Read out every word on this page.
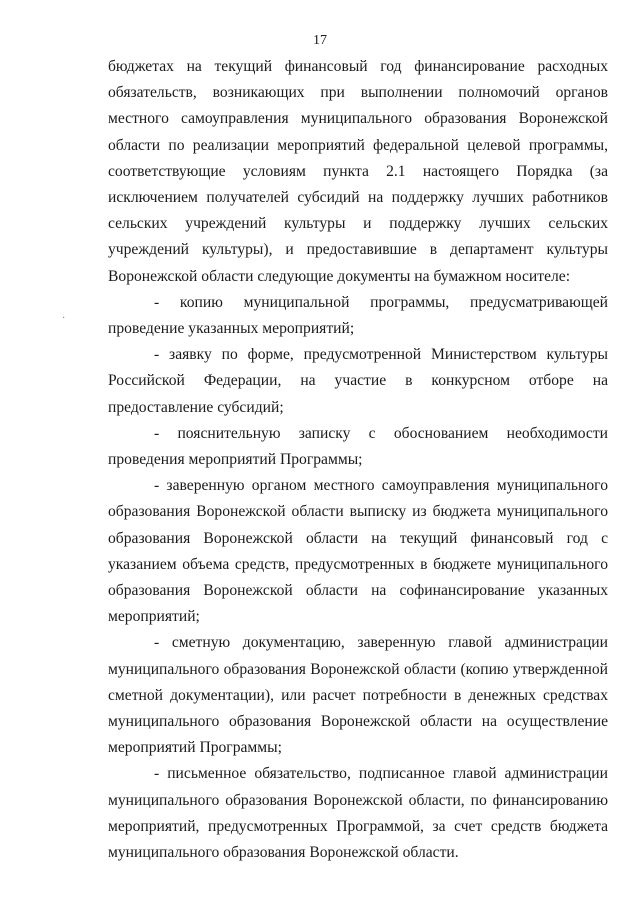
17
·

бюджетах на текущий финансовый год финансирование расходных обязательств, возникающих при выполнении полномочий органов местного самоуправления муниципального образования Воронежской области по реализации мероприятий федеральной целевой программы, соответствующие условиям пункта 2.1 настоящего Порядка (за исключением получателей субсидий на поддержку лучших работников сельских учреждений культуры и поддержку лучших сельских учреждений культуры), и предоставившие в департамент культуры Воронежской области следующие документы на бумажном носителе:

- копию муниципальной программы, предусматривающей проведение указанных мероприятий;

- заявку по форме, предусмотренной Министерством культуры Российской Федерации, на участие в конкурсном отборе на предоставление субсидий;

- пояснительную записку с обоснованием необходимости проведения мероприятий Программы;

- заверенную органом местного самоуправления муниципального образования Воронежской области выписку из бюджета муниципального образования Воронежской области на текущий финансовый год с указанием объема средств, предусмотренных в бюджете муниципального образования Воронежской области на софинансирование указанных мероприятий;

- сметную документацию, заверенную главой администрации муниципального образования Воронежской области (копию утвержденной сметной документации), или расчет потребности в денежных средствах муниципального образования Воронежской области на осуществление мероприятий Программы;

- письменное обязательство, подписанное главой администрации муниципального образования Воронежской области, по финансированию мероприятий, предусмотренных Программой, за счет средств бюджета муниципального образования Воронежской области.
